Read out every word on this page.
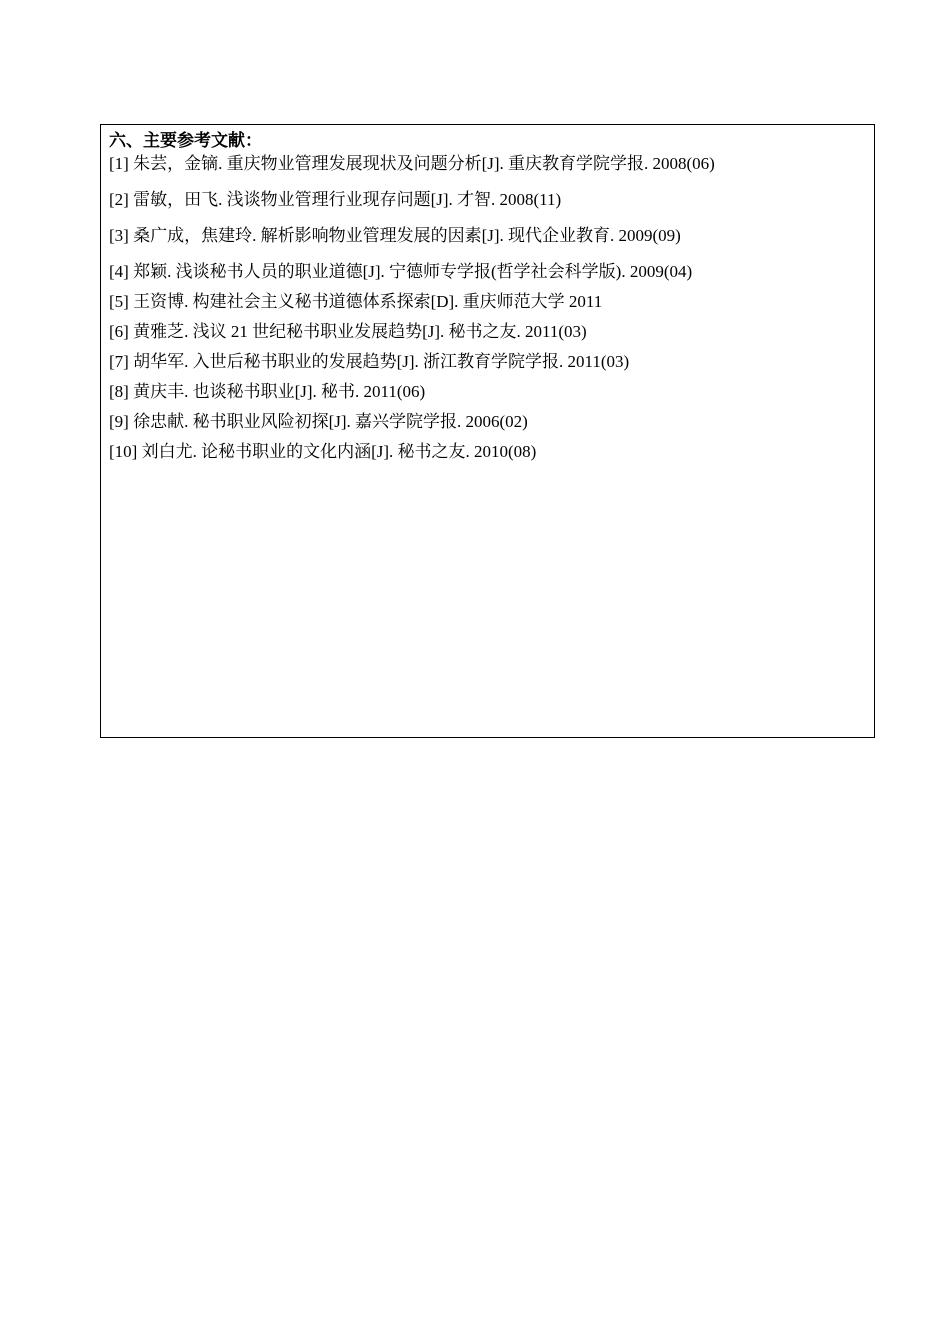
六、主要参考文献：
[1] 朱芸，金镝. 重庆物业管理发展现状及问题分析[J]. 重庆教育学院学报. 2008(06)
[2] 雷敏，田飞. 浅谈物业管理行业现存问题[J]. 才智. 2008(11)
[3] 桑广成，焦建玲. 解析影响物业管理发展的因素[J]. 现代企业教育. 2009(09)
[4] 郑颖. 浅谈秘书人员的职业道德[J]. 宁德师专学报(哲学社会科学版). 2009(04)
[5] 王资博. 构建社会主义秘书道德体系探索[D]. 重庆师范大学 2011
[6] 黄雅芝. 浅议 21 世纪秘书职业发展趋势[J]. 秘书之友. 2011(03)
[7] 胡华军. 入世后秘书职业的发展趋势[J]. 浙江教育学院学报. 2011(03)
[8] 黄庆丰. 也谈秘书职业[J]. 秘书. 2011(06)
[9] 徐忠献. 秘书职业风险初探[J]. 嘉兴学院学报. 2006(02)
[10] 刘白尤. 论秘书职业的文化内涵[J]. 秘书之友. 2010(08)
